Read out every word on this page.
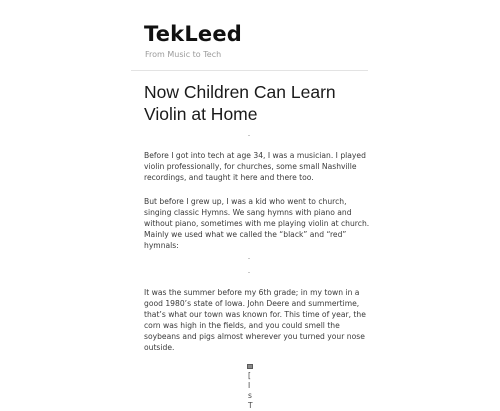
TekLeed

From Music to Tech

Now Children Can Learn Violin at Home
Before I got into tech at age 34, I was a musician. I played
violin professionally, for churches, some small Nashville
recordings, and taught it here and there too.
But before I grew up, I was a kid who went to church,
singing classic Hymns. We sang hymns with piano and
without piano, sometimes with me playing violin at church.
Mainly we used what we called the “black” and “red”
hymnals:
It was the summer before my 6th grade; in my town in a
good 1980’s state of Iowa. John Deere and summertime,
that’s what our town was known for. This time of year, the
corn was high in the fields, and you could smell the
soybeans and pigs almost wherever you turned your nose
outside.
[
I
s
T
